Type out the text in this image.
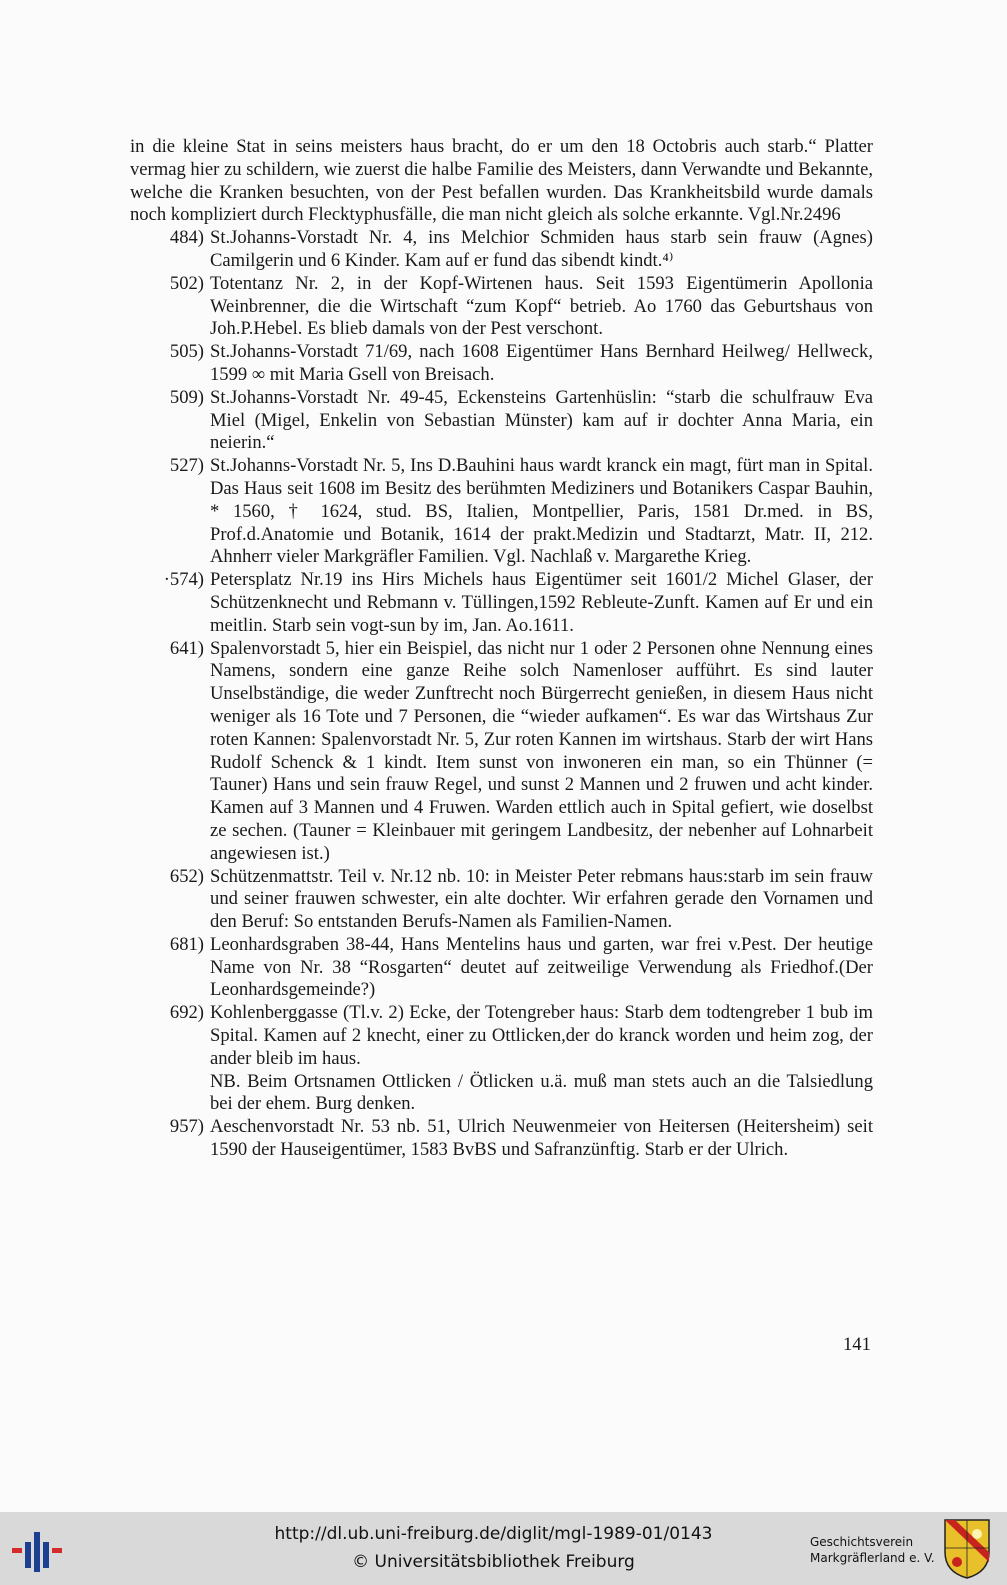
in die kleine Stat in seins meisters haus bracht, do er um den 18 Octobris auch starb.“ Platter vermag hier zu schildern, wie zuerst die halbe Familie des Meisters, dann Verwandte und Bekannte, welche die Kranken besuchten, von der Pest befallen wurden. Das Krankheitsbild wurde damals noch kompliziert durch Flecktyphusfälle, die man nicht gleich als solche erkannte. Vgl.Nr.2496

484) St.Johanns-Vorstadt Nr. 4, ins Melchior Schmiden haus starb sein frauw (Agnes) Camilgerin und 6 Kinder. Kam auf er fund das sibendt kindt.⁴⁾
502) Totentanz Nr. 2, in der Kopf-Wirtenen haus. Seit 1593 Eigentümerin Apollonia Weinbrenner, die die Wirtschaft “zum Kopf“ betrieb. Ao 1760 das Geburtshaus von Joh.P.Hebel. Es blieb damals von der Pest verschont.
505) St.Johanns-Vorstadt 71/69, nach 1608 Eigentümer Hans Bernhard Heilweg/ Hellweck, 1599 ∞ mit Maria Gsell von Breisach.
509) St.Johanns-Vorstadt Nr. 49-45, Eckensteins Gartenhüslin: “starb die schulfrauw Eva Miel (Migel, Enkelin von Sebastian Münster) kam auf ir dochter Anna Maria, ein neierin.“
527) St.Johanns-Vorstadt Nr. 5, Ins D.Bauhini haus wardt kranck ein magt, fürt man in Spital. Das Haus seit 1608 im Besitz des berühmten Mediziners und Botanikers Caspar Bauhin, * 1560, † 1624, stud. BS, Italien, Montpellier, Paris, 1581 Dr.med. in BS, Prof.d.Anatomie und Botanik, 1614 der prakt.Medizin und Stadtarzt, Matr. II, 212. Ahnherr vieler Markgräfler Familien. Vgl. Nachlaß v. Margarethe Krieg.
·574) Petersplatz Nr.19 ins Hirs Michels haus Eigentümer seit 1601/2 Michel Glaser, der Schützenknecht und Rebmann v. Tüllingen,1592 Rebleute-Zunft. Kamen auf Er und ein meitlin. Starb sein vogt-sun by im, Jan. Ao.1611.
641) Spalenvorstadt 5, hier ein Beispiel, das nicht nur 1 oder 2 Personen ohne Nennung eines Namens, sondern eine ganze Reihe solch Namenloser aufführt. Es sind lauter Unselbständige, die weder Zunftrecht noch Bürgerrecht genießen, in diesem Haus nicht weniger als 16 Tote und 7 Personen, die “wieder aufkamen“. Es war das Wirtshaus Zur roten Kannen: Spalenvorstadt Nr. 5, Zur roten Kannen im wirtshaus. Starb der wirt Hans Rudolf Schenck & 1 kindt. Item sunst von inwoneren ein man, so ein Thünner (= Tauner) Hans und sein frauw Regel, und sunst 2 Mannen und 2 fruwen und acht kinder. Kamen auf 3 Mannen und 4 Fruwen. Warden ettlich auch in Spital gefiert, wie doselbst ze sechen. (Tauner = Kleinbauer mit geringem Landbesitz, der nebenher auf Lohnarbeit angewiesen ist.)
652) Schützenmattstr. Teil v. Nr.12 nb. 10: in Meister Peter rebmans haus:starb im sein frauw und seiner frauwen schwester, ein alte dochter. Wir erfahren gerade den Vornamen und den Beruf: So entstanden Berufs-Namen als Familien-Namen.
681) Leonhardsgraben 38-44, Hans Mentelins haus und garten, war frei v.Pest. Der heutige Name von Nr. 38 “Rosgarten“ deutet auf zeitweilige Verwendung als Friedhof.(Der Leonhardsgemeinde?)
692) Kohlenberggasse (Tl.v. 2) Ecke, der Totengreber haus: Starb dem todtengreber 1 bub im Spital. Kamen auf 2 knecht, einer zu Ottlicken,der do kranck worden und heim zog, der ander bleib im haus.
NB. Beim Ortsnamen Ottlicken / Ötlicken u.ä. muß man stets auch an die Talsiedlung bei der ehem. Burg denken.
957) Aeschenvorstadt Nr. 53 nb. 51, Ulrich Neuwenmeier von Heitersen (Heitersheim) seit 1590 der Hauseigentümer, 1583 BvBS und Safranzünftig. Starb er der Ulrich.
141
http://dl.ub.uni-freiburg.de/diglit/mgl-1989-01/0143
© Universitätsbibliothek Freiburg
Geschichtsverein
Markgräflerland e. V.
